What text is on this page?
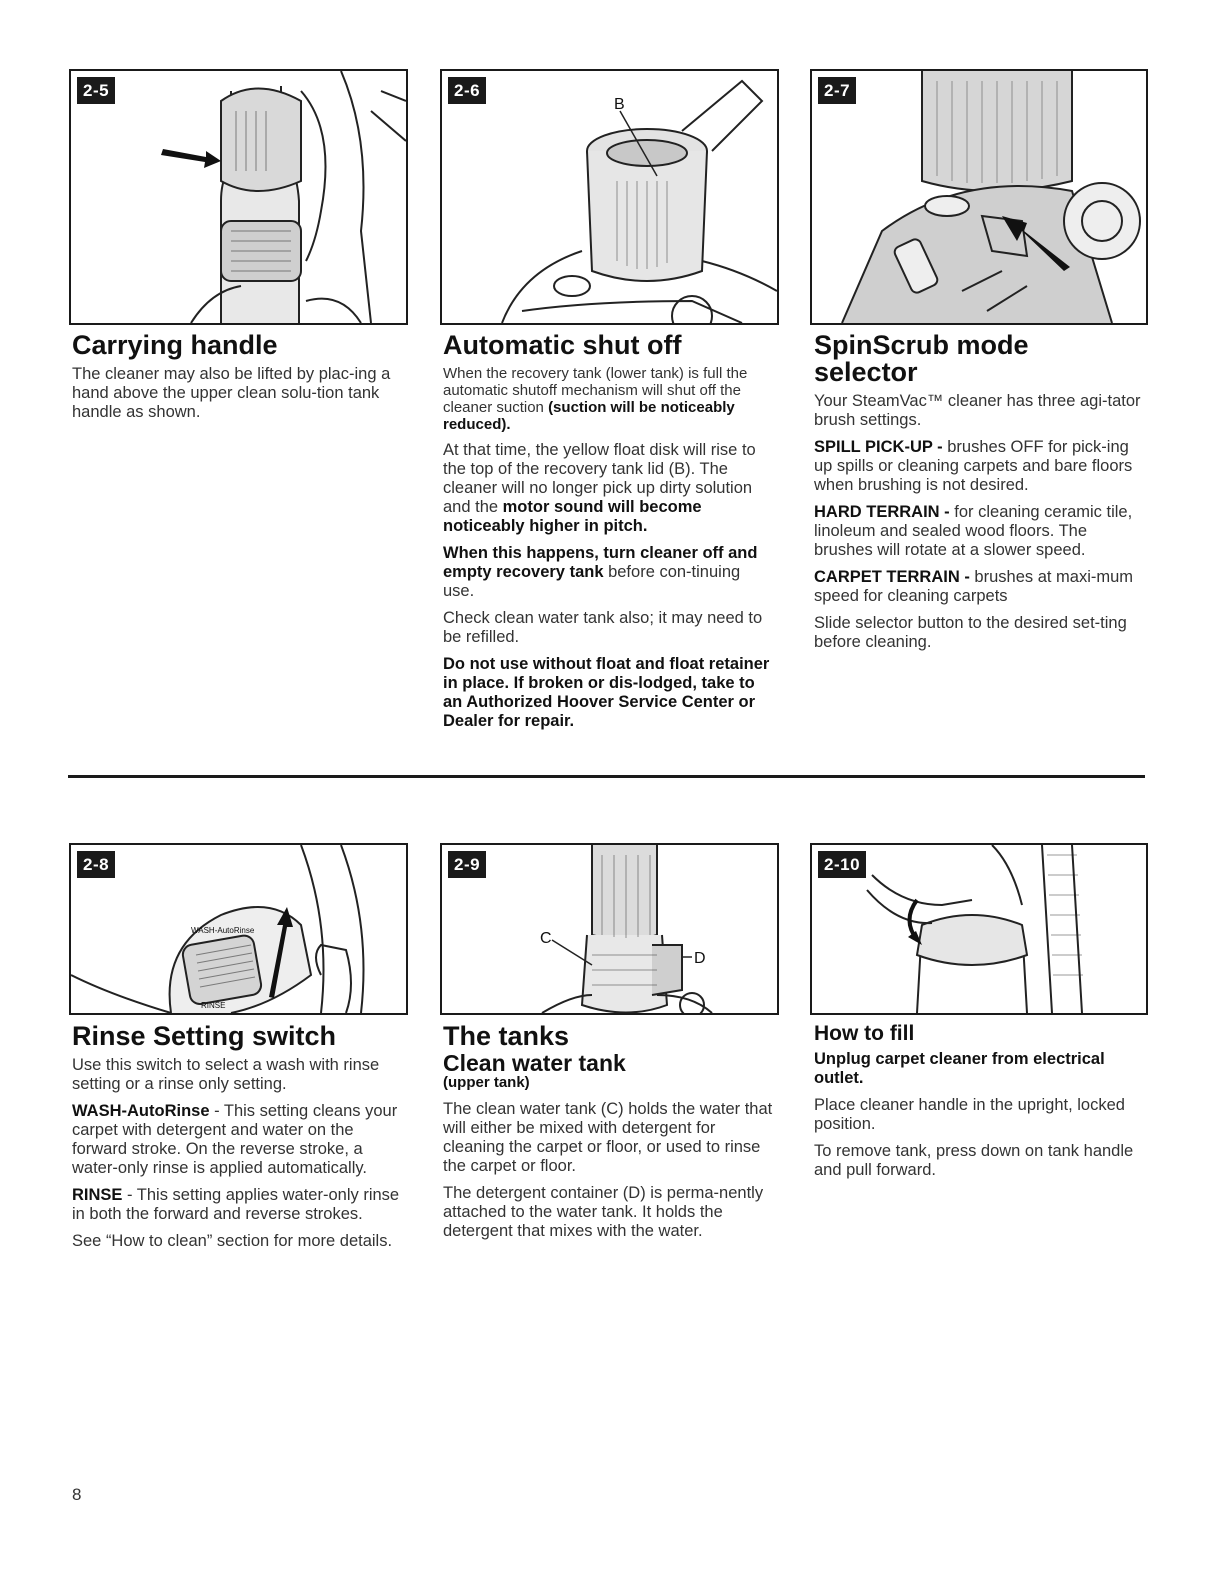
2-5	2-6
B
2-7
Carrying handle

The cleaner may also be lifted by plac-ing a hand above the upper clean solu-tion tank handle as shown.

Automatic shut off

When the recovery tank (lower tank) is full the automatic shutoff mechanism will shut off the cleaner suction (suction will be noticeably reduced).

At that time, the yellow float disk will rise to the top of the recovery tank lid (B). The cleaner will no longer pick up dirty solution and the motor sound will become noticeably higher in pitch.

When this happens, turn cleaner off and empty recovery tank before con-tinuing use.

Check clean water tank also; it may need to be refilled.

Do not use without float and float retainer in place. If broken or dis-lodged, take to an Authorized Hoover Service Center or Dealer for repair.

SpinScrub mode
selector

Your SteamVac™ cleaner has three agi-tator brush settings.

SPILL PICK-UP - brushes OFF for pick-ing up spills or cleaning carpets and bare floors when brushing is not desired.

HARD TERRAIN - for cleaning ceramic tile, linoleum and sealed wood floors. The brushes will rotate at a slower speed.

CARPET TERRAIN - brushes at maxi-mum speed for cleaning carpets

Slide selector button to the desired set-ting before cleaning.

2-8
WASH-AutoRinse
RINSE
2-9
C
D
2-10
Rinse Setting switch

Use this switch to select a wash with rinse setting or a rinse only setting.

WASH-AutoRinse - This setting cleans your carpet with detergent and water on the forward stroke. On the reverse stroke, a water-only rinse is applied automatically.

RINSE - This setting applies water-only rinse in both the forward and reverse strokes.

See “How to clean” section for more details.

The tanks
Clean water tank
(upper tank)

The clean water tank (C) holds the water that will either be mixed with detergent for cleaning the carpet or floor, or used to rinse the carpet or floor.

The detergent container (D) is perma-nently attached to the water tank. It holds the detergent that mixes with the water.

How to fill

Unplug carpet cleaner from electrical outlet.

Place cleaner handle in the upright, locked position.

To remove tank, press down on tank handle and pull forward.

8
